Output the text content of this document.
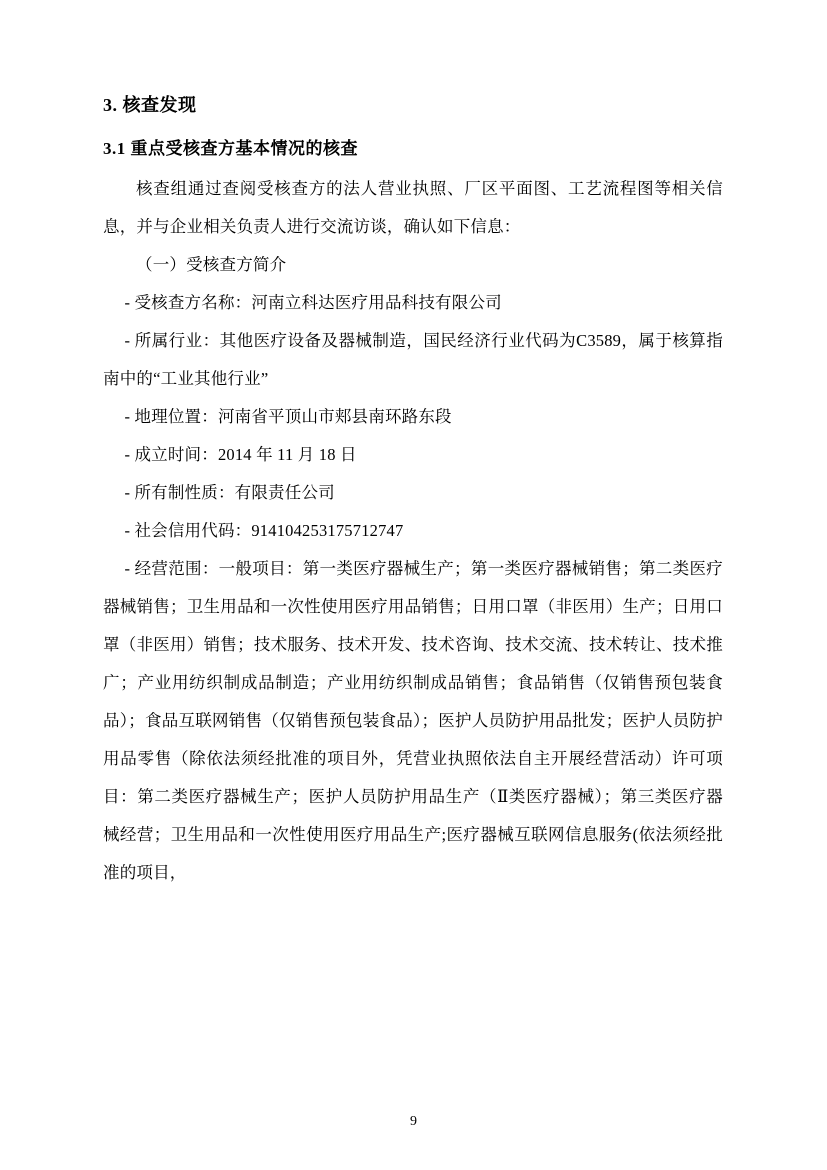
3. 核查发现
3.1 重点受核查方基本情况的核查

核查组通过查阅受核查方的法人营业执照、厂区平面图、工艺流程图等相关信息，并与企业相关负责人进行交流访谈，确认如下信息：

（一）受核查方简介

- 受核查方名称：河南立科达医疗用品科技有限公司

- 所属行业：其他医疗设备及器械制造，国民经济行业代码为C3589，属于核算指南中的“工业其他行业”

- 地理位置：河南省平顶山市郏县南环路东段

- 成立时间：2014 年 11 月 18 日

- 所有制性质：有限责任公司

- 社会信用代码：914104253175712747

- 经营范围：一般项目：第一类医疗器械生产；第一类医疗器械销售；第二类医疗器械销售；卫生用品和一次性使用医疗用品销售；日用口罩（非医用）生产；日用口罩（非医用）销售；技术服务、技术开发、技术咨询、技术交流、技术转让、技术推广；产业用纺织制成品制造；产业用纺织制成品销售；食品销售（仅销售预包装食品）；食品互联网销售（仅销售预包装食品）；医护人员防护用品批发；医护人员防护用品零售（除依法须经批准的项目外，凭营业执照依法自主开展经营活动）许可项目：第二类医疗器械生产；医护人员防护用品生产（Ⅱ类医疗器械）；第三类医疗器械经营；卫生用品和一次性使用医疗用品生产;医疗器械互联网信息服务(依法须经批准的项目，

9
